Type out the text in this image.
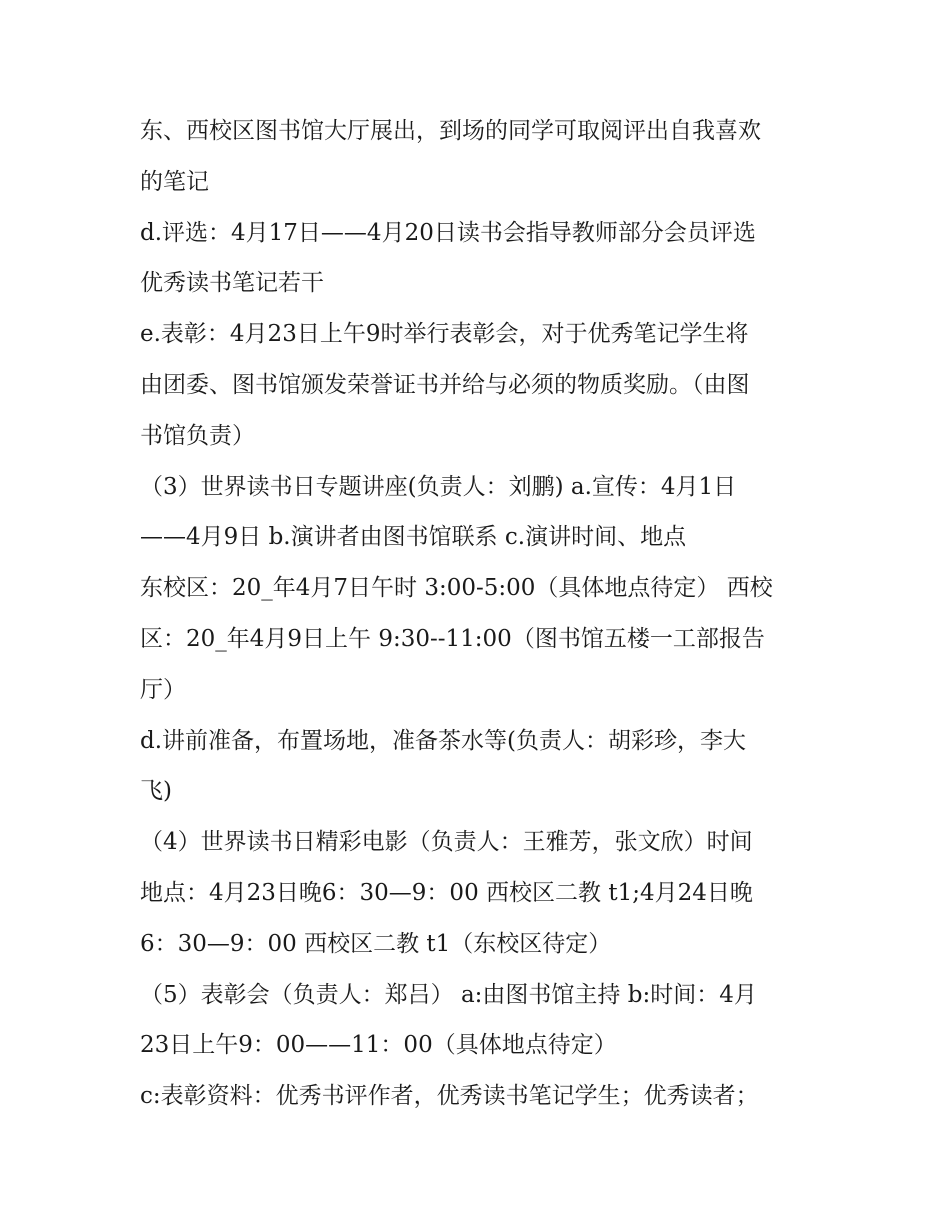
东、西校区图书馆大厅展出，到场的同学可取阅评出自我喜欢
的笔记
d.评选：4月17日——4月20日读书会指导教师部分会员评选
优秀读书笔记若干
e.表彰：4月23日上午9时举行表彰会，对于优秀笔记学生将
由团委、图书馆颁发荣誉证书并给与必须的物质奖励。（由图
书馆负责）
（3）世界读书日专题讲座(负责人：刘鹏) a.宣传：4月1日
——4月9日 b.演讲者由图书馆联系 c.演讲时间、地点
东校区：20_年4月7日午时 3:00-5:00（具体地点待定） 西校
区：20_年4月9日上午 9:30--11:00（图书馆五楼一工部报告
厅）
d.讲前准备，布置场地，准备茶水等(负责人：胡彩珍，李大
飞)
（4）世界读书日精彩电影（负责人：王雅芳，张文欣）时间
地点：4月23日晚6：30—9：00 西校区二教 t1;4月24日晚
6：30—9：00 西校区二教 t1（东校区待定）
（5）表彰会（负责人：郑吕） a:由图书馆主持 b:时间：4月
23日上午9：00——11：00（具体地点待定）
c:表彰资料：优秀书评作者，优秀读书笔记学生；优秀读者；
